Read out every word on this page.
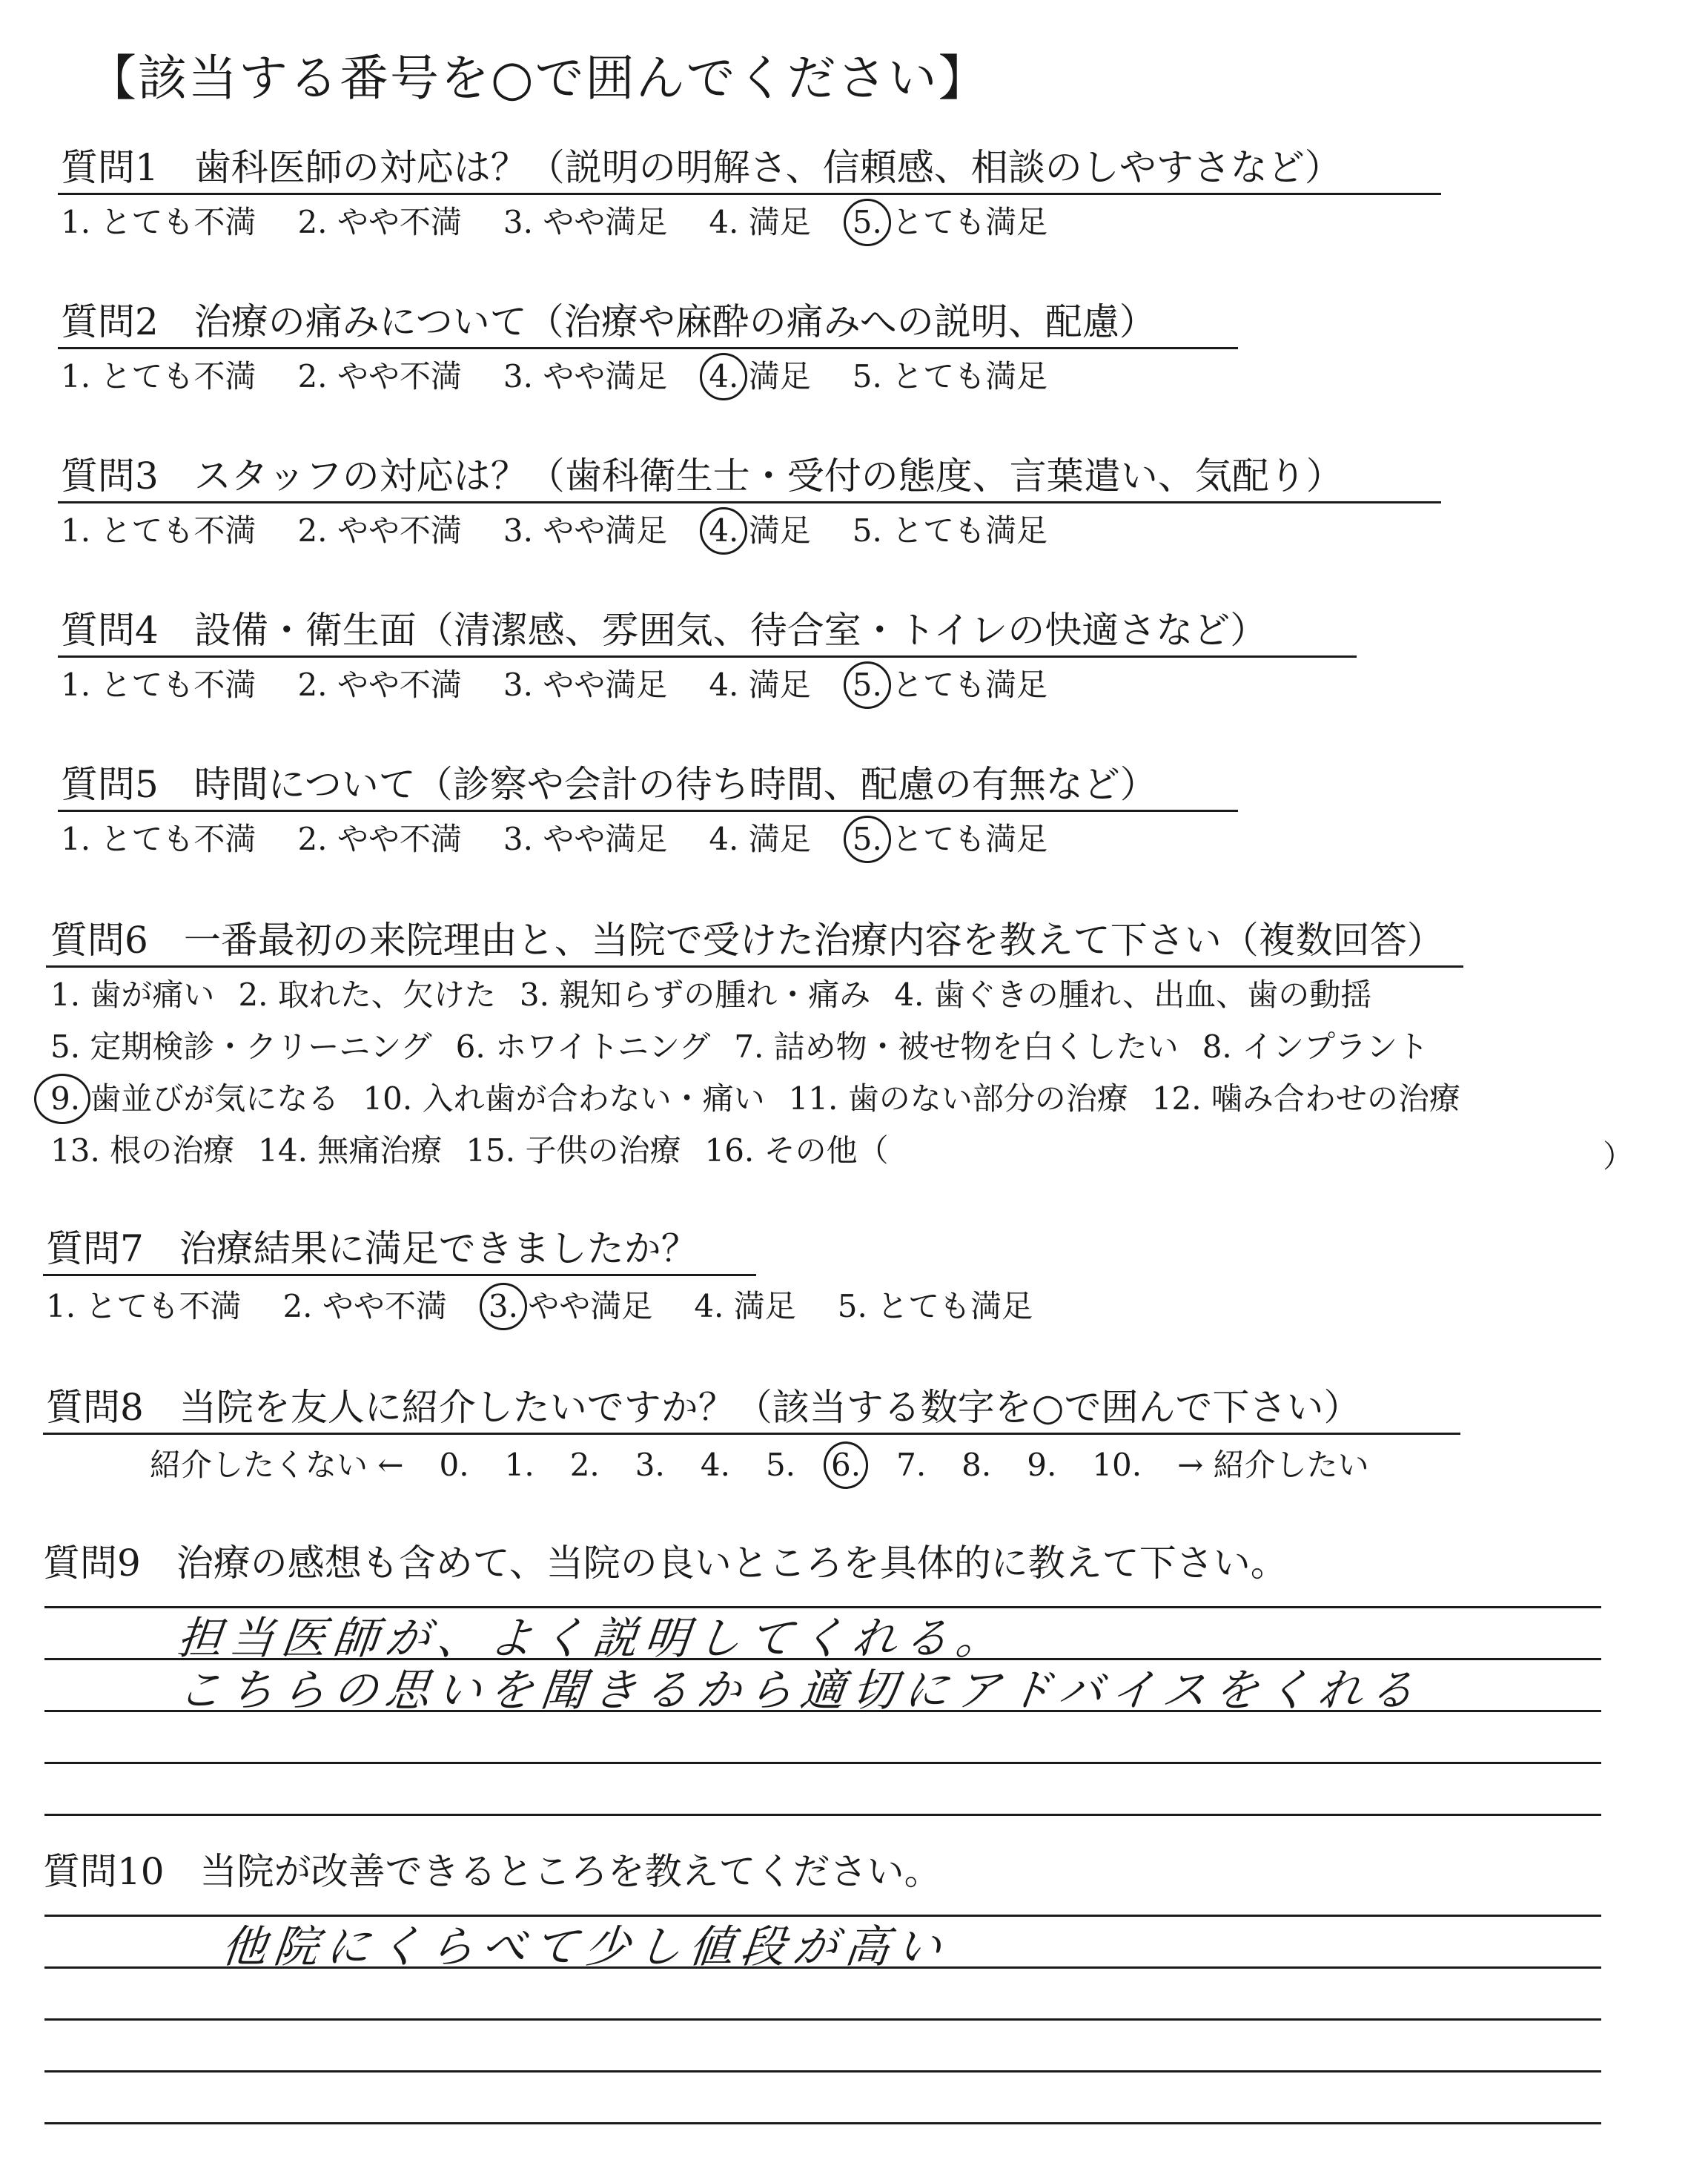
【該当する番号を○で囲んでください】
質問1 歯科医師の対応は？（説明の明解さ、信頼感、相談のしやすさなど）
1. とても不満 2. やや不満 3. やや満足 4. 満足 5. とても満足
質問2 治療の痛みについて（治療や麻酔の痛みへの説明、配慮）
1. とても不満 2. やや不満 3. やや満足 4. 満足 5. とても満足
質問3 スタッフの対応は？（歯科衛生士・受付の態度、言葉遣い、気配り）
1. とても不満 2. やや不満 3. やや満足 4. 満足 5. とても満足
質問4 設備・衛生面（清潔感、雰囲気、待合室・トイレの快適さなど）
1. とても不満 2. やや不満 3. やや満足 4. 満足 5. とても満足
質問5 時間について（診察や会計の待ち時間、配慮の有無など）
1. とても不満 2. やや不満 3. やや満足 4. 満足 5. とても満足
質問6 一番最初の来院理由と、当院で受けた治療内容を教えて下さい（複数回答）
1. 歯が痛い 2. 取れた、欠けた 3. 親知らずの腫れ・痛み 4. 歯ぐきの腫れ、出血、歯の動揺
5. 定期検診・クリーニング 6. ホワイトニング 7. 詰め物・被せ物を白くしたい 8. インプラント
9. 歯並びが気になる 10. 入れ歯が合わない・痛い 11. 歯のない部分の治療 12. 噛み合わせの治療
13. 根の治療 14. 無痛治療 15. 子供の治療 16. その他（	）
質問7 治療結果に満足できましたか？
1. とても不満 2. やや不満 3. やや満足 4. 満足 5. とても満足
質問8 当院を友人に紹介したいですか？（該当する数字を○で囲んで下さい）
紹介したくない ← 0. 1. 2. 3. 4. 5. 6. 7. 8. 9. 10. → 紹介したい
質問9 治療の感想も含めて、当院の良いところを具体的に教えて下さい。
担当医師が、よく説明してくれる。
こちらの思いを聞きるから適切にアドバイスをくれる
質問10 当院が改善できるところを教えてください。
他院にくらべて少し値段が高い
